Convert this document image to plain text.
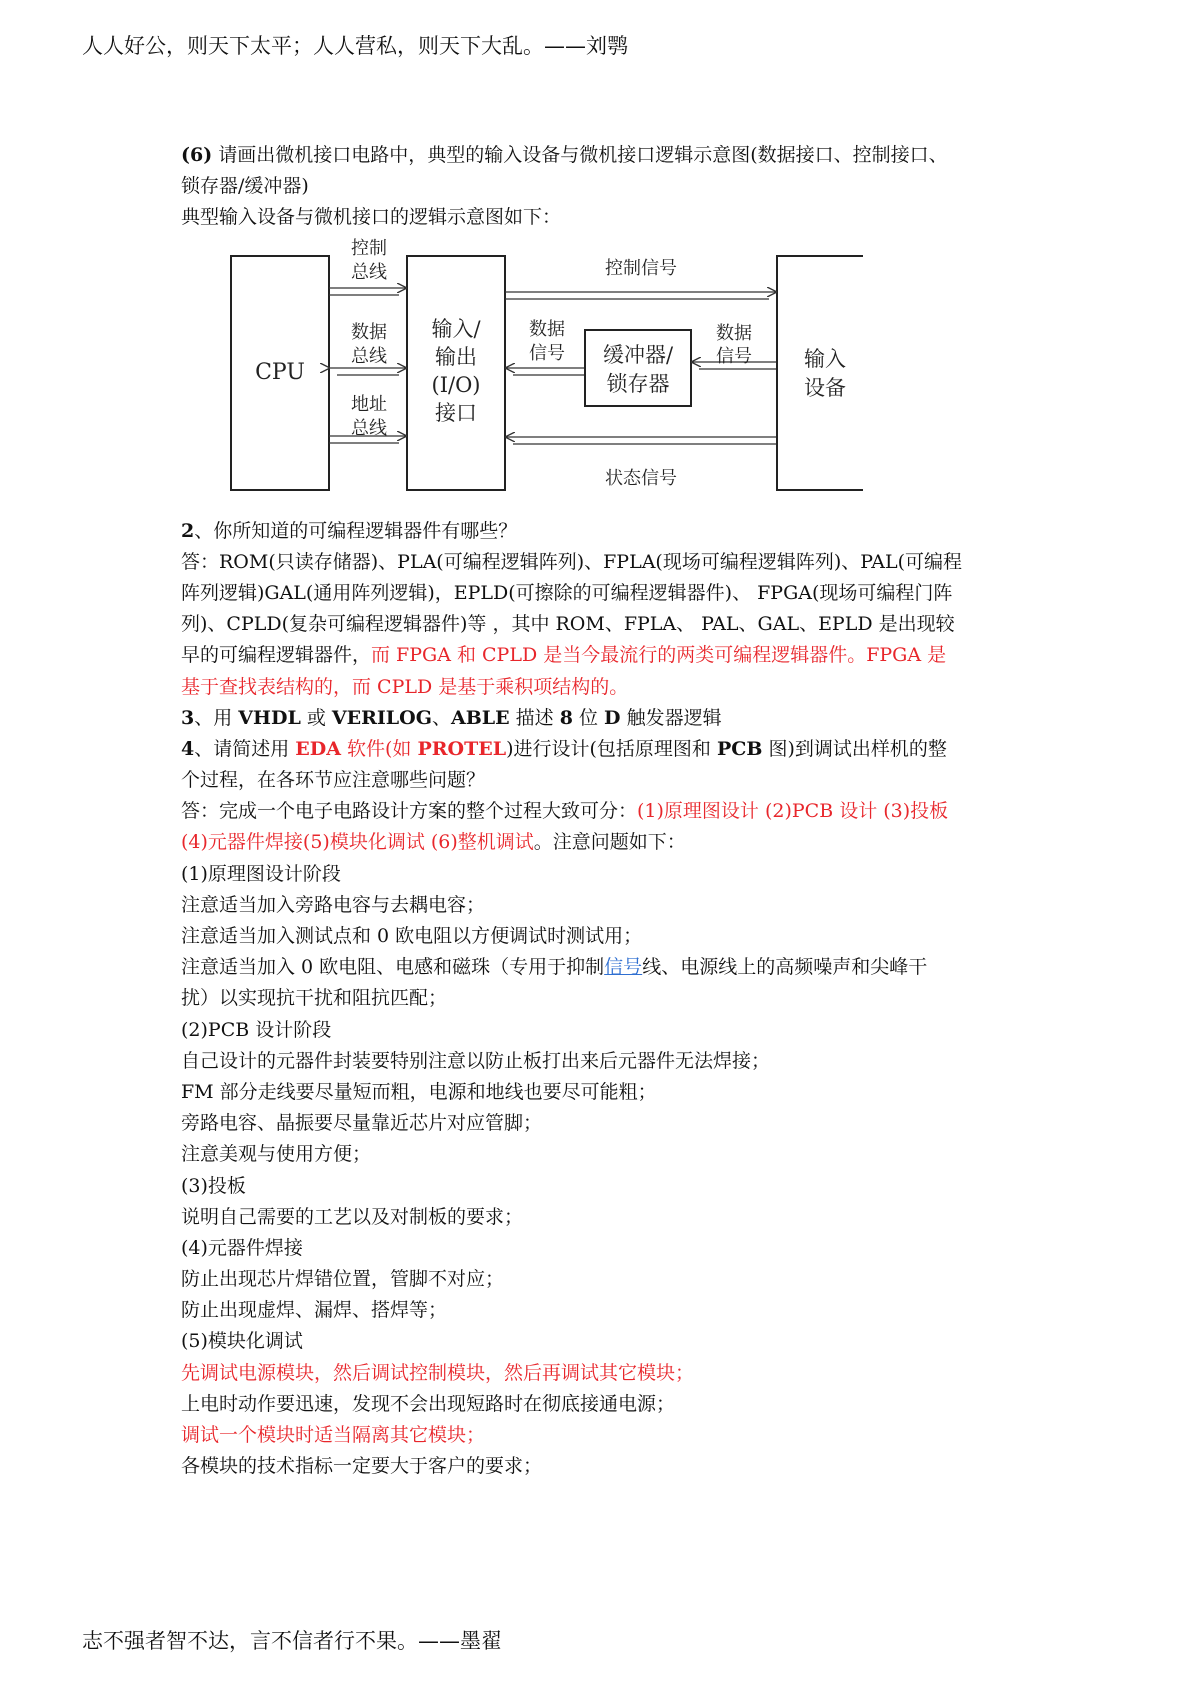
人人好公，则天下太平；人人营私，则天下大乱。——刘鹗
(6) 请画出微机接口电路中，典型的输入设备与微机接口逻辑示意图(数据接口、控制接口、
锁存器/缓冲器)
典型输入设备与微机接口的逻辑示意图如下：
CPU
控制
总线
数据
总线
地址
总线
输入/
输出
(I/O)
接口
控制信号
数据
信号 缓冲器/
锁存器
数据
信号 输入
设备
状态信号
2、你所知道的可编程逻辑器件有哪些？
答：ROM(只读存储器)、PLA(可编程逻辑阵列)、FPLA(现场可编程逻辑阵列)、PAL(可编程
阵列逻辑)GAL(通用阵列逻辑)，EPLD(可擦除的可编程逻辑器件)、 FPGA(现场可编程门阵
列)、CPLD(复杂可编程逻辑器件)等 ，其中 ROM、FPLA、 PAL、GAL、EPLD 是出现较
早的可编程逻辑器件，而 FPGA 和 CPLD 是当今最流行的两类可编程逻辑器件。FPGA 是
基于查找表结构的，而 CPLD 是基于乘积项结构的。
3、用 VHDL 或 VERILOG、ABLE 描述 8 位 D 触发器逻辑
4、请简述用 EDA 软件(如 PROTEL)进行设计(包括原理图和 PCB 图)到调试出样机的整
个过程，在各环节应注意哪些问题？
答：完成一个电子电路设计方案的整个过程大致可分：(1)原理图设计 (2)PCB 设计 (3)投板
(4)元器件焊接(5)模块化调试 (6)整机调试。注意问题如下：
(1)原理图设计阶段
注意适当加入旁路电容与去耦电容；
注意适当加入测试点和 0 欧电阻以方便调试时测试用；
注意适当加入 0 欧电阻、电感和磁珠（专用于抑制信号线、电源线上的高频噪声和尖峰干
扰）以实现抗干扰和阻抗匹配；
(2)PCB 设计阶段
自己设计的元器件封装要特别注意以防止板打出来后元器件无法焊接；
FM 部分走线要尽量短而粗，电源和地线也要尽可能粗；
旁路电容、晶振要尽量靠近芯片对应管脚；
注意美观与使用方便；
(3)投板
说明自己需要的工艺以及对制板的要求；
(4)元器件焊接
防止出现芯片焊错位置，管脚不对应；
防止出现虚焊、漏焊、搭焊等；
(5)模块化调试
先调试电源模块，然后调试控制模块，然后再调试其它模块；
上电时动作要迅速，发现不会出现短路时在彻底接通电源；
调试一个模块时适当隔离其它模块；
各模块的技术指标一定要大于客户的要求；
志不强者智不达，言不信者行不果。——墨翟
